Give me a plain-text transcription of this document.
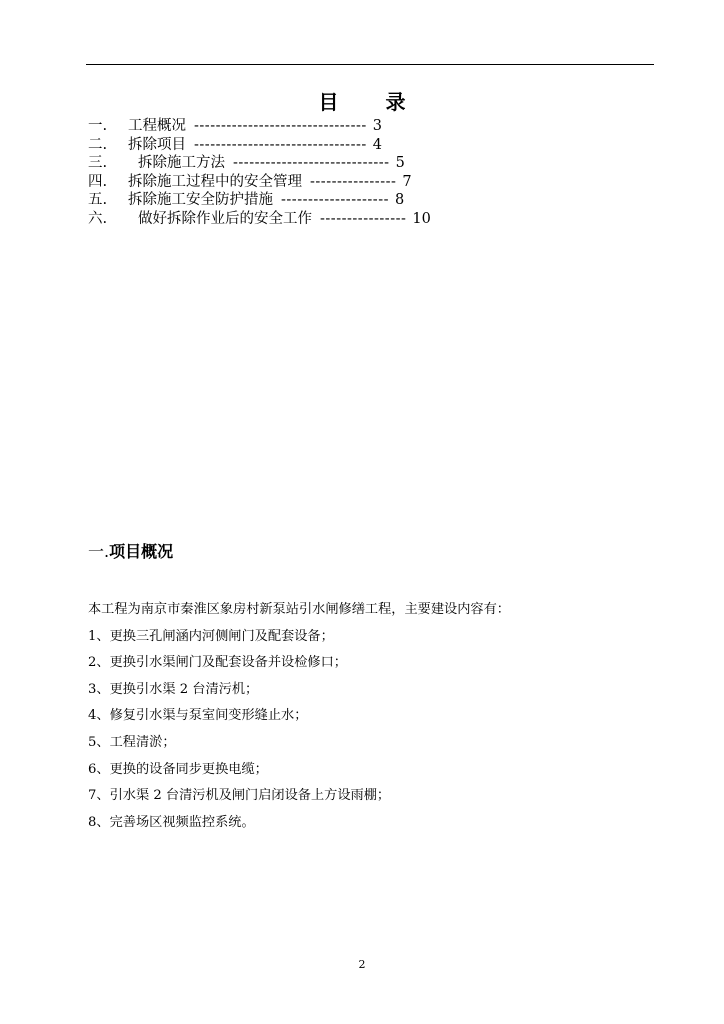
目 录
一.	工程概况 -------------------------------- 3
二.	拆除项目 -------------------------------- 4
三.	拆除施工方法 ----------------------------- 5
四.	拆除施工过程中的安全管理 ---------------- 7
五.	拆除施工安全防护措施 -------------------- 8
六.	做好拆除作业后的安全工作 ---------------- 10
一.项目概况
本工程为南京市秦淮区象房村新泵站引水闸修缮工程，主要建设内容有：
1、更换三孔闸涵内河侧闸门及配套设备；
2、更换引水渠闸门及配套设备并设检修口；
3、更换引水渠 2 台清污机；
4、修复引水渠与泵室间变形缝止水；
5、工程清淤；
6、更换的设备同步更换电缆；
7、引水渠 2 台清污机及闸门启闭设备上方设雨棚；
8、完善场区视频监控系统。
2
